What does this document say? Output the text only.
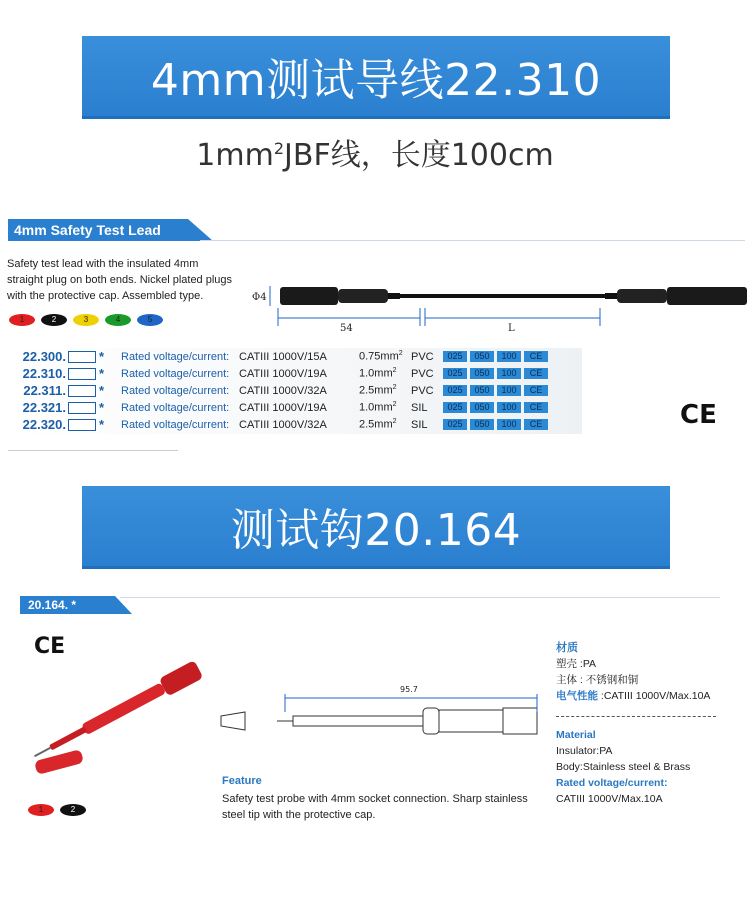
4mm测试导线22.310
$1mm^2JBF$线，长度100cm
4mm Safety Test Lead
Safety test lead with the insulated 4mm
straight plug on both ends. Nickel plated plugs
with the protective cap. Assembled type.
1	2	3	4	5
Φ4
54	L
22.300.	*	Rated voltage/current: CATIII 1000V/15A	$0.75mm^2$ PVC	025	050	100	CE
22.310.	*	Rated voltage/current: CATIII 1000V/19A	$1.0mm^2$	PVC	025	050	100	CE
22.311.	*	Rated voltage/current: CATIII 1000V/32A	$2.5mm^2$	PVC	025	050	100	CE
22.321.	*	Rated voltage/current: CATIII 1000V/19A	$1.0mm^2$	SIL	025	050	100	CE
22.320.	*	Rated voltage/current: CATIII 1000V/32A	$2.5mm^2$	SIL	025	050	100	CE	CE
测试钩20.164
20.164. *
CE
1	2
95.7
Feature
Safety test probe with 4mm socket connection. Sharp stainless
steel tip with the protective cap.
材质
塑壳 :PA
主体 : 不锈钢和铜
电气性能 :CATIII 1000V/Max.10A
Material
Insulator:PA
Body:Stainless steel & Brass
Rated voltage/current:
CATIII 1000V/Max.10A
